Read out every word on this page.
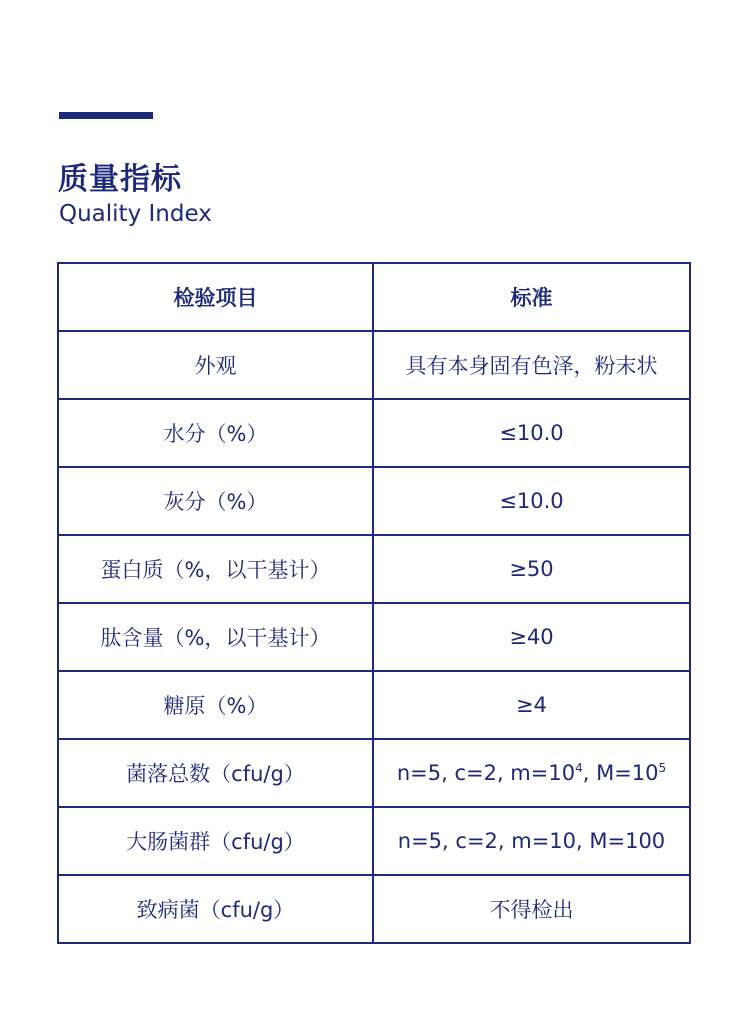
质量指标
Quality Index
检验项目	标准
外观	具有本身固有色泽，粉末状
水分（%）	≤10.0
灰分（%）	≤10.0
蛋白质（%，以干基计）	≥50
肽含量（%，以干基计）	≥40
糖原（%）	≥4
菌落总数（cfu/g）	n=5, c=2, $m=10^4$, $M=10^5$
大肠菌群（cfu/g）	n=5, c=2, m=10, M=100
致病菌（cfu/g）	不得检出
